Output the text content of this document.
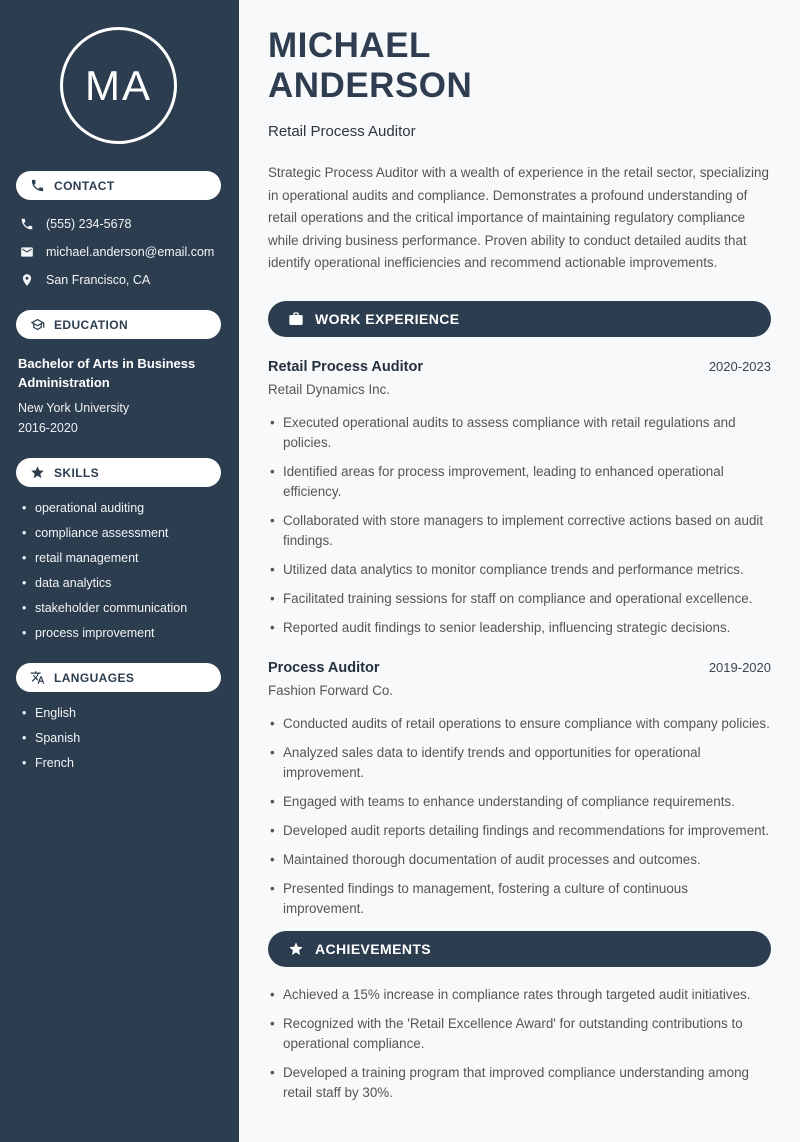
MA
CONTACT
(555) 234-5678
michael.anderson@email.com
San Francisco, CA
EDUCATION
Bachelor of Arts in Business Administration
New York University
2016-2020
SKILLS
• operational auditing
• compliance assessment
• retail management
• data analytics
• stakeholder communication
• process improvement
LANGUAGES
• English
• Spanish
• French
MICHAEL
ANDERSON
Retail Process Auditor

Strategic Process Auditor with a wealth of experience in the retail sector, specializing in operational audits and compliance. Demonstrates a profound understanding of retail operations and the critical importance of maintaining regulatory compliance while driving business performance. Proven ability to conduct detailed audits that identify operational inefficiencies and recommend actionable improvements.

WORK EXPERIENCE
Retail Process Auditor	2020-2023
Retail Dynamics Inc.
• Executed operational audits to assess compliance with retail regulations and policies.
• Identified areas for process improvement, leading to enhanced operational efficiency.
• Collaborated with store managers to implement corrective actions based on audit findings.
• Utilized data analytics to monitor compliance trends and performance metrics.
• Facilitated training sessions for staff on compliance and operational excellence.
• Reported audit findings to senior leadership, influencing strategic decisions.
Process Auditor	2019-2020
Fashion Forward Co.
• Conducted audits of retail operations to ensure compliance with company policies.
• Analyzed sales data to identify trends and opportunities for operational improvement.
• Engaged with teams to enhance understanding of compliance requirements.
• Developed audit reports detailing findings and recommendations for improvement.
• Maintained thorough documentation of audit processes and outcomes.
• Presented findings to management, fostering a culture of continuous improvement.
ACHIEVEMENTS
• Achieved a 15% increase in compliance rates through targeted audit initiatives.
• Recognized with the 'Retail Excellence Award' for outstanding contributions to operational compliance.
• Developed a training program that improved compliance understanding among retail staff by 30%.
